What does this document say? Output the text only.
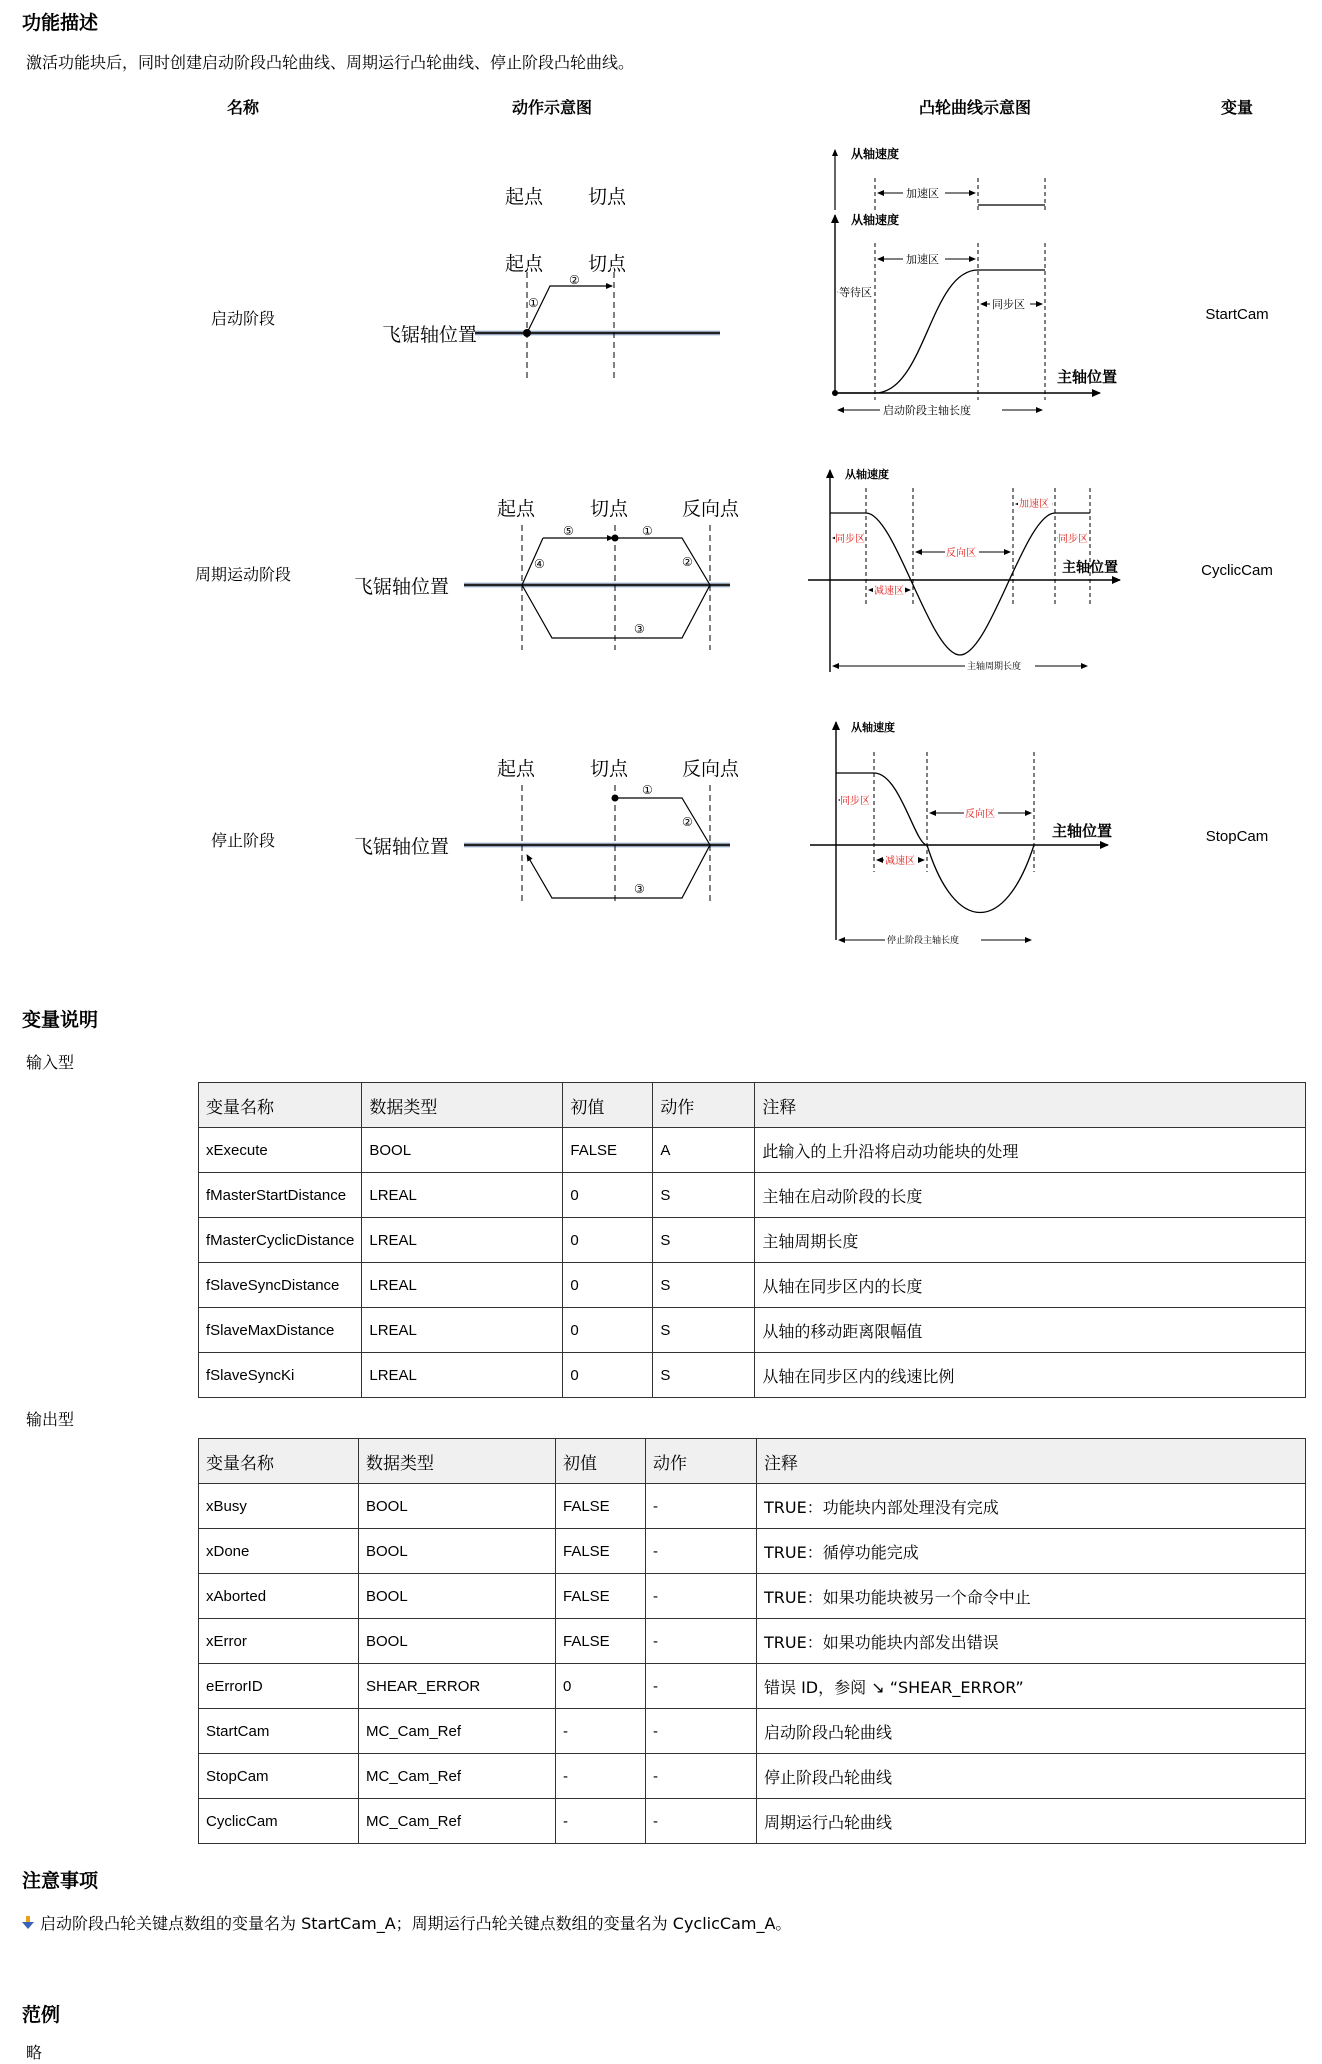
功能描述
激活功能块后，同时创建启动阶段凸轮曲线、周期运行凸轮曲线、停止阶段凸轮曲线。
名称	动作示意图	凸轮曲线示意图	变量
启动阶段	StartCam
周期运动阶段	CyclicCam
停止阶段	StopCam
起点 切点
起点 切点
飞锯轴位置
①
②
从轴速度
加速区
从轴速度
主轴位置
加速区
等待区
同步区
启动阶段主轴长度
起点	切点	反向点
飞锯轴位置
⑤	①
②
③
④
从轴速度
主轴位置
同步区
减速区
反向区
加速区
同步区
主轴周期长度
起点	切点	反向点
飞锯轴位置
①
②
③
从轴速度
主轴位置
同步区
减速区
反向区
停止阶段主轴长度
变量说明
输入型
变量名称	数据类型	初值	动作	注释
xExecute	BOOL	FALSE	A	此输入的上升沿将启动功能块的处理
fMasterStartDistance	LREAL	0	S	主轴在启动阶段的长度
fMasterCyclicDistance	LREAL	0	S	主轴周期长度
fSlaveSyncDistance	LREAL	0	S	从轴在同步区内的长度
fSlaveMaxDistance	LREAL	0	S	从轴的移动距离限幅值
fSlaveSyncKi	LREAL	0	S	从轴在同步区内的线速比例
输出型
变量名称	数据类型	初值	动作	注释
xBusy	BOOL	FALSE	-	TRUE：功能块内部处理没有完成
xDone	BOOL	FALSE	-	TRUE：循停功能完成
xAborted	BOOL	FALSE	-	TRUE：如果功能块被另一个命令中止
xError	BOOL	FALSE	-	TRUE：如果功能块内部发出错误
eErrorID	SHEAR_ERROR	0	-	错误 ID，参阅 ↘ “SHEAR_ERROR”
StartCam	MC_Cam_Ref	-	-	启动阶段凸轮曲线
StopCam	MC_Cam_Ref	-	-	停止阶段凸轮曲线
CyclicCam	MC_Cam_Ref	-	-	周期运行凸轮曲线
注意事项
启动阶段凸轮关键点数组的变量名为 StartCam_A；周期运行凸轮关键点数组的变量名为 CyclicCam_A。
范例
略
